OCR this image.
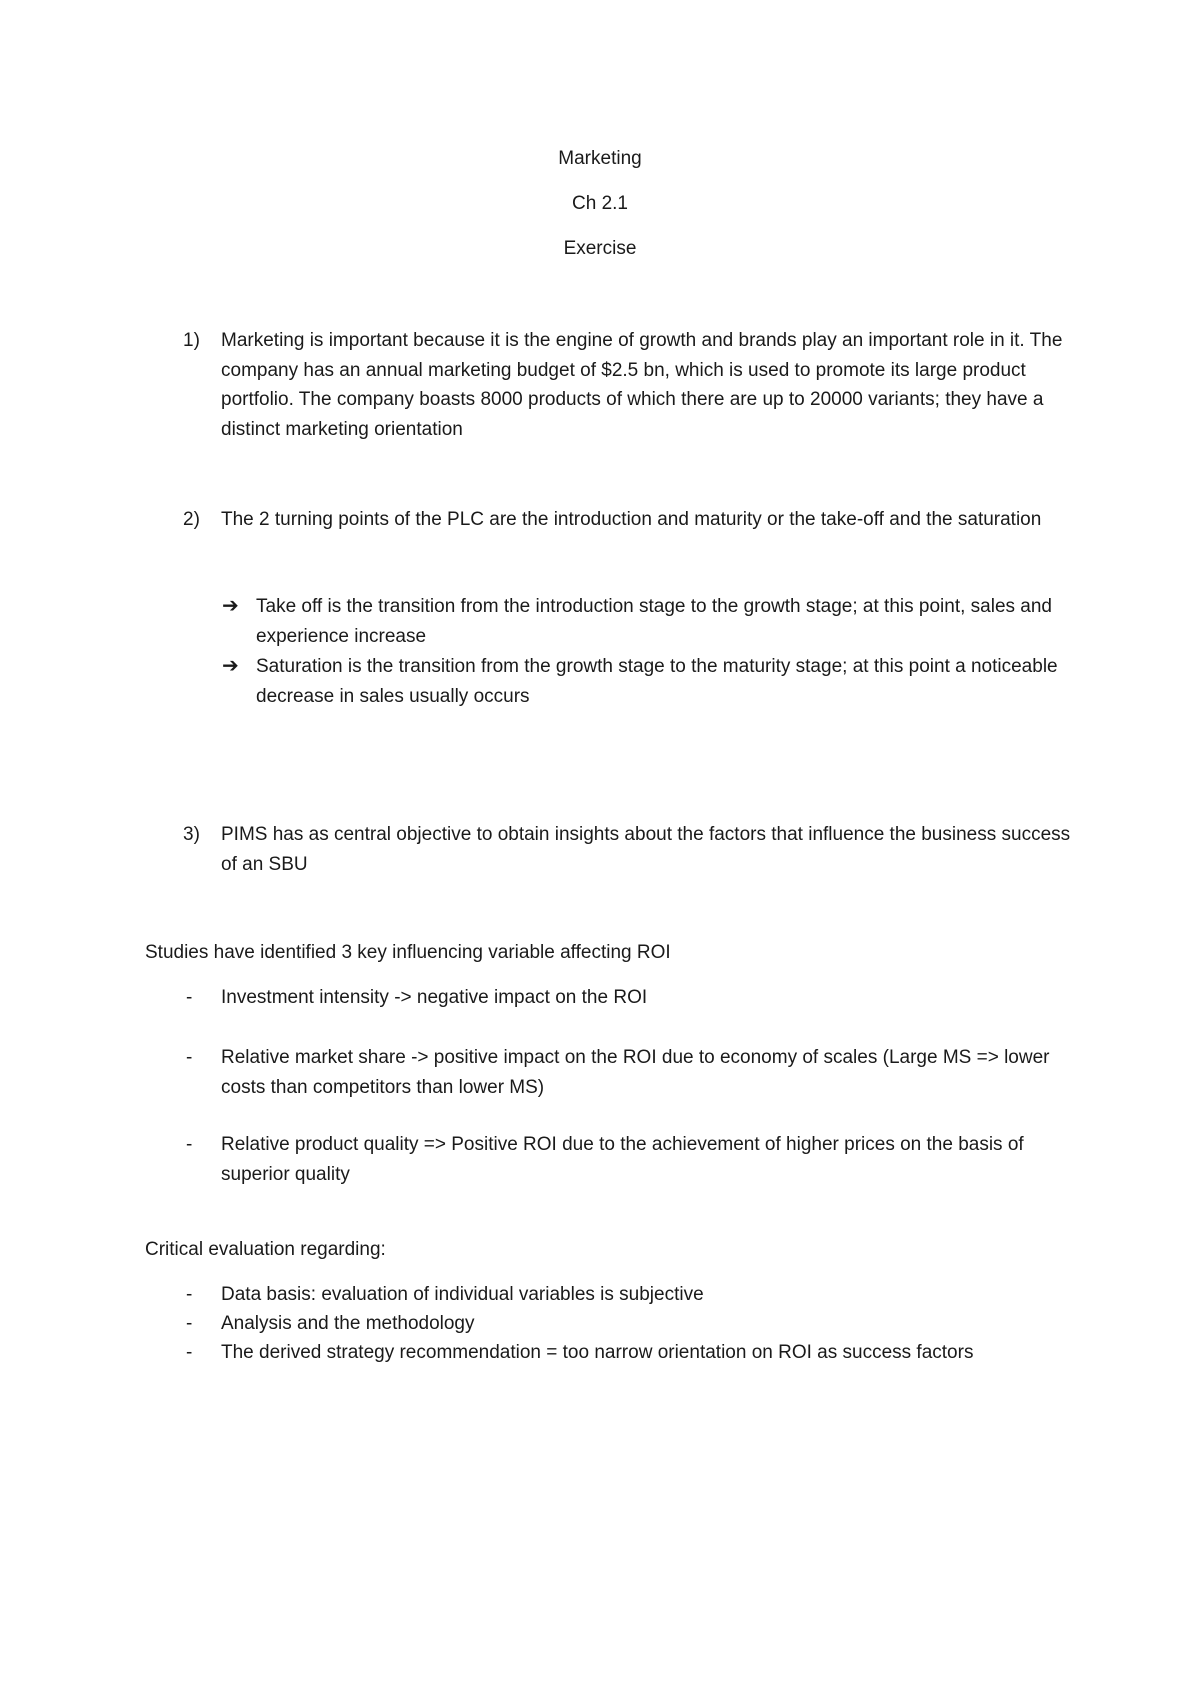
Marketing
Ch 2.1
Exercise
1) Marketing is important because it is the engine of growth and brands play an important role in it. The company has an annual marketing budget of $2.5 bn, which is used to promote its large product portfolio. The company boasts 8000 products of which there are up to 20000 variants; they have a distinct marketing orientation
2) The 2 turning points of the PLC are the introduction and maturity or the take-off and the saturation
➔ Take off is the transition from the introduction stage to the growth stage; at this point, sales and experience increase
➔ Saturation is the transition from the growth stage to the maturity stage; at this point a noticeable decrease in sales usually occurs
3) PIMS has as central objective to obtain insights about the factors that influence the business success of an SBU
Studies have identified 3 key influencing variable affecting ROI
- Investment intensity -> negative impact on the ROI
- Relative market share -> positive impact on the ROI due to economy of scales (Large MS => lower costs than competitors than lower MS)
- Relative product quality => Positive ROI due to the achievement of higher prices on the basis of superior quality
Critical evaluation regarding:
- Data basis: evaluation of individual variables is subjective
- Analysis and the methodology
- The derived strategy recommendation = too narrow orientation on ROI as success factors
